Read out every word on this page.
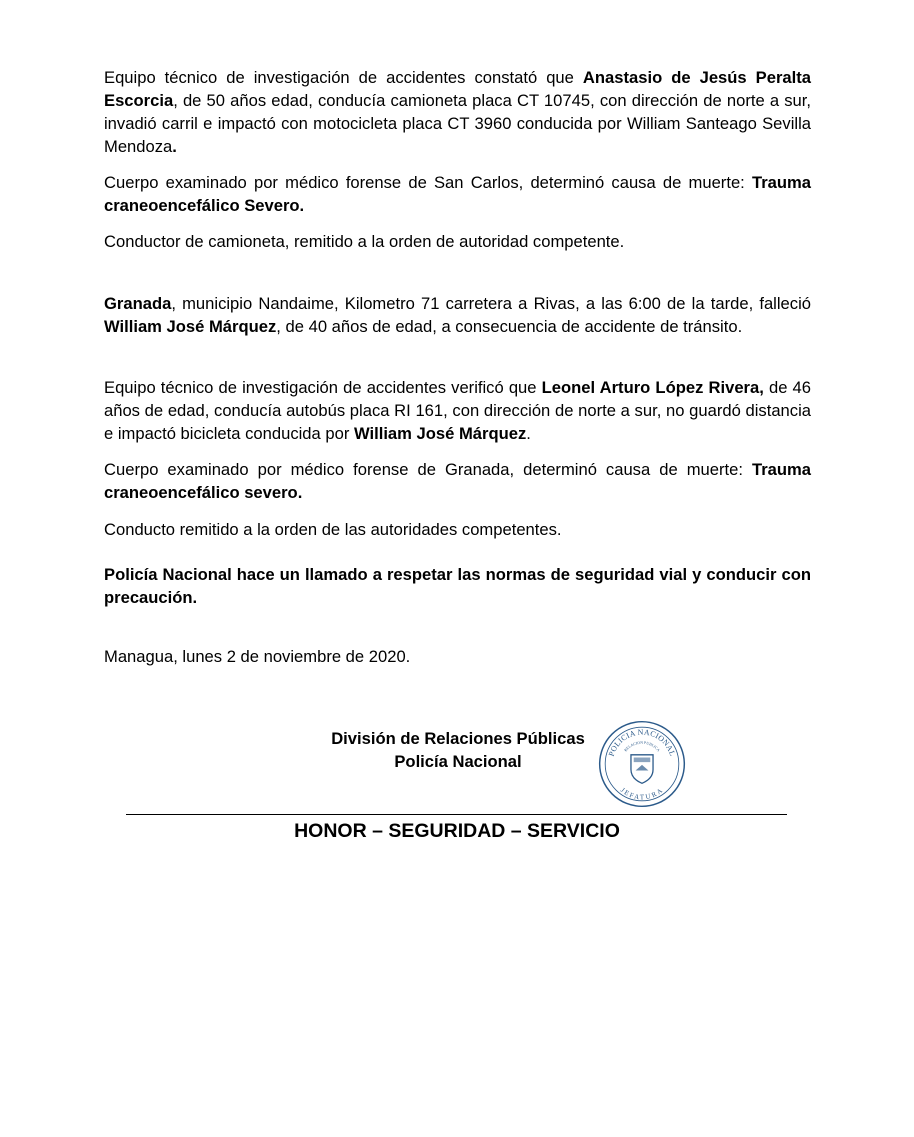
Equipo técnico de investigación de accidentes constató que Anastasio de Jesús Peralta Escorcia, de 50 años edad, conducía camioneta placa CT 10745, con dirección de norte a sur, invadió carril e impactó con motocicleta placa CT 3960 conducida por William Santeago Sevilla Mendoza.

Cuerpo examinado por médico forense de San Carlos, determinó causa de muerte: Trauma craneoencefálico Severo.

Conductor de camioneta, remitido a la orden de autoridad competente.

Granada, municipio Nandaime, Kilometro 71 carretera a Rivas, a las 6:00 de la tarde, falleció William José Márquez, de 40 años de edad, a consecuencia de accidente de tránsito.

Equipo técnico de investigación de accidentes verificó que Leonel Arturo López Rivera, de 46 años de edad, conducía autobús placa RI 161, con dirección de norte a sur, no guardó distancia e impactó bicicleta conducida por William José Márquez.

Cuerpo examinado por médico forense de Granada, determinó causa de muerte: Trauma craneoencefálico severo.

Conducto remitido a la orden de las autoridades competentes.

Policía Nacional hace un llamado a respetar las normas de seguridad vial y conducir con precaución.

Managua, lunes 2 de noviembre de 2020.

División de Relaciones Públicas
Policía Nacional	POLICIA NACIONAL
RELACION PUBLICA
JEFATURA
HONOR – SEGURIDAD – SERVICIO
